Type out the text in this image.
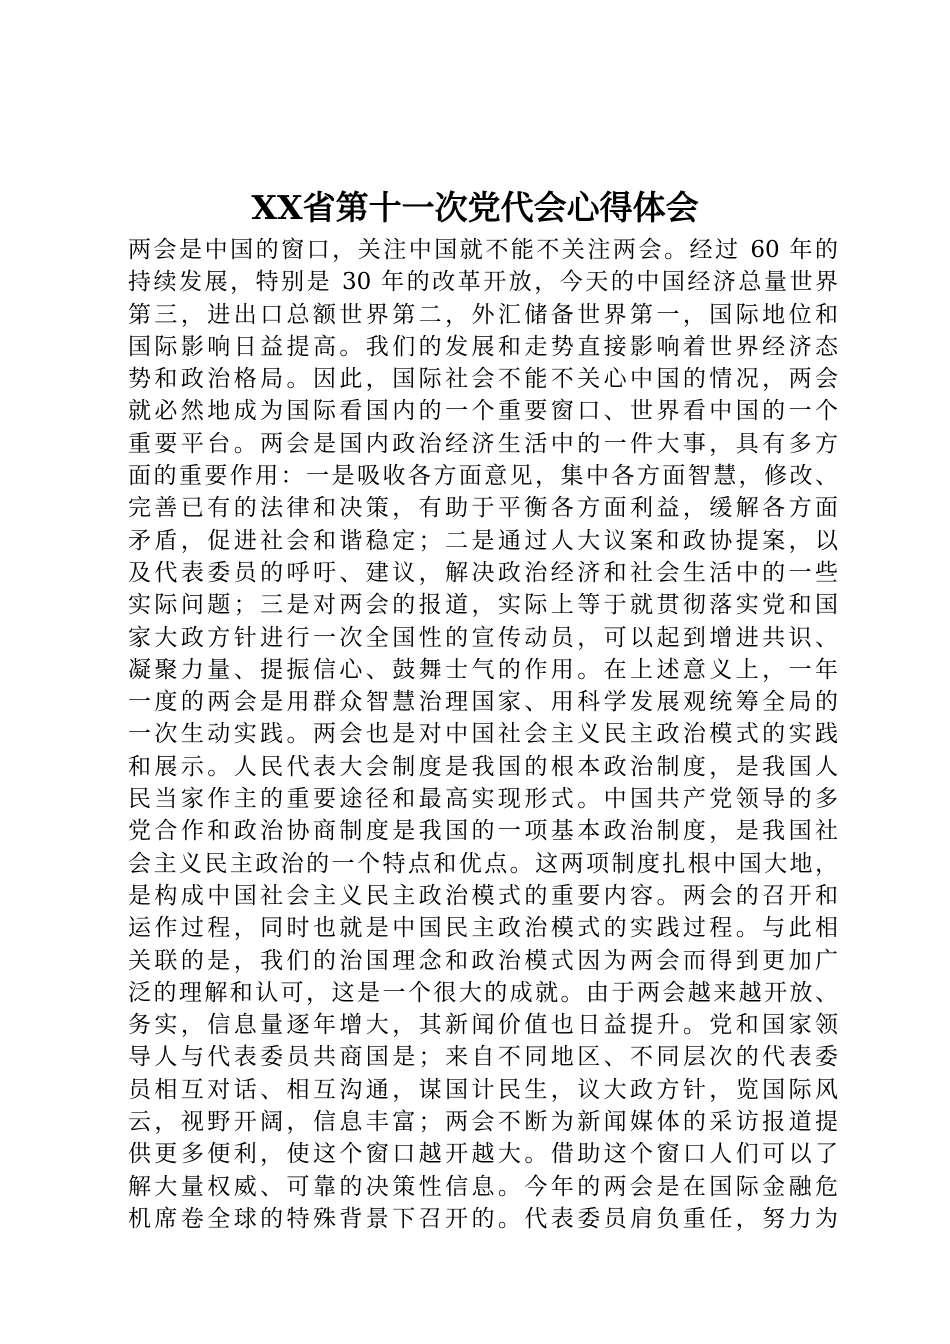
XX省第十一次党代会心得体会
两会是中国的窗口，关注中国就不能不关注两会。经过 60 年的
持续发展，特别是 30 年的改革开放，今天的中国经济总量世界
第三，进出口总额世界第二，外汇储备世界第一，国际地位和
国际影响日益提高。我们的发展和走势直接影响着世界经济态
势和政治格局。因此，国际社会不能不关心中国的情况，两会
就必然地成为国际看国内的一个重要窗口、世界看中国的一个
重要平台。两会是国内政治经济生活中的一件大事，具有多方
面的重要作用：一是吸收各方面意见，集中各方面智慧，修改、
完善已有的法律和决策，有助于平衡各方面利益，缓解各方面
矛盾，促进社会和谐稳定；二是通过人大议案和政协提案，以
及代表委员的呼吁、建议，解决政治经济和社会生活中的一些
实际问题；三是对两会的报道，实际上等于就贯彻落实党和国
家大政方针进行一次全国性的宣传动员，可以起到增进共识、
凝聚力量、提振信心、鼓舞士气的作用。在上述意义上，一年
一度的两会是用群众智慧治理国家、用科学发展观统筹全局的
一次生动实践。两会也是对中国社会主义民主政治模式的实践
和展示。人民代表大会制度是我国的根本政治制度，是我国人
民当家作主的重要途径和最高实现形式。中国共产党领导的多
党合作和政治协商制度是我国的一项基本政治制度，是我国社
会主义民主政治的一个特点和优点。这两项制度扎根中国大地，
是构成中国社会主义民主政治模式的重要内容。两会的召开和
运作过程，同时也就是中国民主政治模式的实践过程。与此相
关联的是，我们的治国理念和政治模式因为两会而得到更加广
泛的理解和认可，这是一个很大的成就。由于两会越来越开放、
务实，信息量逐年增大，其新闻价值也日益提升。党和国家领
导人与代表委员共商国是；来自不同地区、不同层次的代表委
员相互对话、相互沟通，谋国计民生，议大政方针，览国际风
云，视野开阔，信息丰富；两会不断为新闻媒体的采访报道提
供更多便利，使这个窗口越开越大。借助这个窗口人们可以了
解大量权威、可靠的决策性信息。今年的两会是在国际金融危
机席卷全球的特殊背景下召开的。代表委员肩负重任，努力为
